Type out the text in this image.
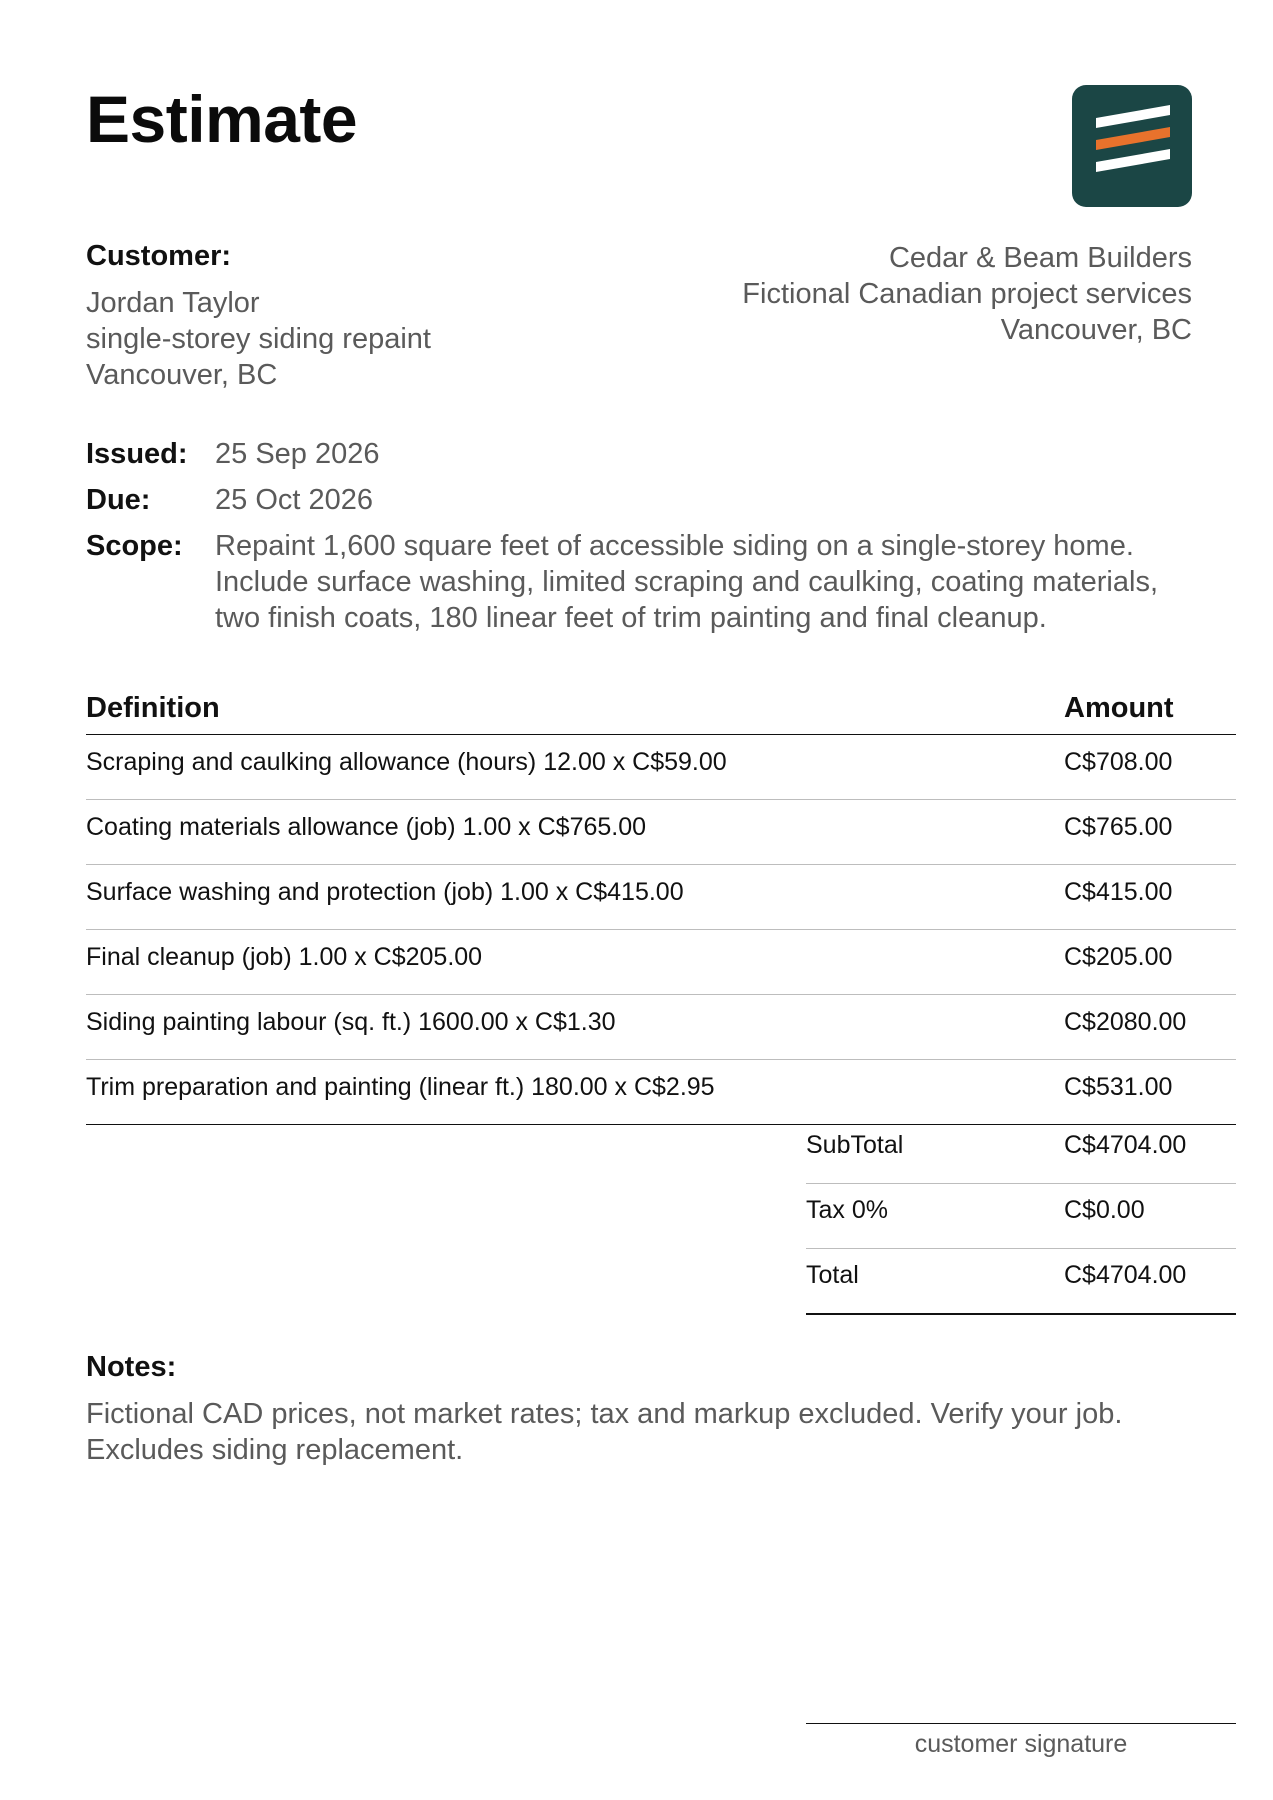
Estimate
Customer:
Jordan Taylor
single-storey siding repaint
Vancouver, BC
Cedar & Beam Builders
Fictional Canadian project services
Vancouver, BC
Issued: 25 Sep 2026
Due: 25 Oct 2026
Scope: Repaint 1,600 square feet of accessible siding on a single-storey home.
Include surface washing, limited scraping and caulking, coating materials,
two finish coats, 180 linear feet of trim painting and final cleanup.
Definition	Amount
Scraping and caulking allowance (hours) 12.00 x C$59.00	C$708.00
Coating materials allowance (job) 1.00 x C$765.00	C$765.00
Surface washing and protection (job) 1.00 x C$415.00	C$415.00
Final cleanup (job) 1.00 x C$205.00	C$205.00
Siding painting labour (sq. ft.) 1600.00 x C$1.30	C$2080.00
Trim preparation and painting (linear ft.) 180.00 x C$2.95	C$531.00
SubTotal	C$4704.00
Tax 0%	C$0.00
Total	C$4704.00
Notes:
Fictional CAD prices, not market rates; tax and markup excluded. Verify your job.
Excludes siding replacement.
customer signature
